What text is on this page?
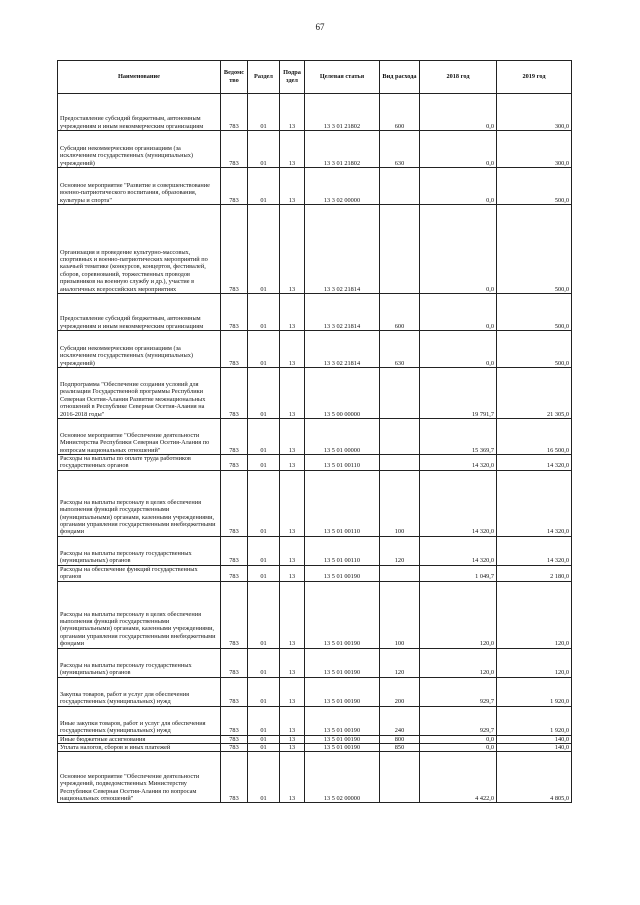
67
Наименование	Ведомс тво	Раздел	Подра здел	Целевая статья	Вид расхода	2018 год	2019 год
Предоставление субсидий бюджетным, автономным учреждениям и иным некоммерческим организациям	783	01	13	13 3 01 21802	600	0,0	300,0
Субсидии некоммерческим организациям (за исключением государственных (муниципальных) учреждений)	783	01	13	13 3 01 21802	630	0,0	300,0
Основное мероприятие "Развитие и совершенствование военно-патриотического воспитания, образования, культуры и спорта"	783	01	13	13 3 02 00000		0,0	500,0
Организация и проведение культурно-массовых, спортивных и военно-патриотических мероприятий по казачьей тематике (конкурсов, концертов, фестивалей, сборов, соревнований, торжественных проводов призывников на военную службу и др.), участие в аналогичных всероссийских мероприятиях	783	01	13	13 3 02 21814		0,0	500,0
Предоставление субсидий бюджетным, автономным учреждениям и иным некоммерческим организациям	783	01	13	13 3 02 21814	600	0,0	500,0
Субсидии некоммерческим организациям (за исключением государственных (муниципальных) учреждений)	783	01	13	13 3 02 21814	630	0,0	500,0
Подпрограмма "Обеспечение создания условий для реализации Государственной программы Республики Северная Осетия-Алания Развитие межнациональных отношений в Республике Северная Осетия-Алания на 2016-2018 годы"	783	01	13	13 5 00 00000		19 791,7	21 305,0
Основное мероприятие "Обеспечение деятельности Министерства Республики Северная Осетия-Алания по вопросам национальных отношений"	783	01	13	13 5 01 00000		15 369,7	16 500,0
Расходы на выплаты по оплате труда работников государственных органов	783	01	13	13 5 01 00110		14 320,0	14 320,0
Расходы на выплаты персоналу в целях обеспечения выполнения функций государственными (муниципальными) органами, казенными учреждениями, органами управления государственными внебюджетными фондами	783	01	13	13 5 01 00110	100	14 320,0	14 320,0
Расходы на выплаты персоналу государственных (муниципальных) органов	783	01	13	13 5 01 00110	120	14 320,0	14 320,0
Расходы на обеспечение функций государственных органов	783	01	13	13 5 01 00190		1 049,7	2 180,0
Расходы на выплаты персоналу в целях обеспечения выполнения функций государственными (муниципальными) органами, казенными учреждениями, органами управления государственными внебюджетными фондами	783	01	13	13 5 01 00190	100	120,0	120,0
Расходы на выплаты персоналу государственных (муниципальных) органов	783	01	13	13 5 01 00190	120	120,0	120,0
Закупка товаров, работ и услуг для обеспечения государственных (муниципальных) нужд	783	01	13	13 5 01 00190	200	929,7	1 920,0
Иные закупки товаров, работ и услуг для обеспечения государственных (муниципальных) нужд	783	01	13	13 5 01 00190	240	929,7	1 920,0
Иные бюджетные ассигнования	783	01	13	13 5 01 00190	800	0,0	140,0
Уплата налогов, сборов и иных платежей	783	01	13	13 5 01 00190	850	0,0	140,0
Основное мероприятие "Обеспечение деятельности учреждений, подведомственных Министерству Республики Северная Осетия-Алания по вопросам национальных отношений"	783	01	13	13 5 02 00000		4 422,0	4 805,0
